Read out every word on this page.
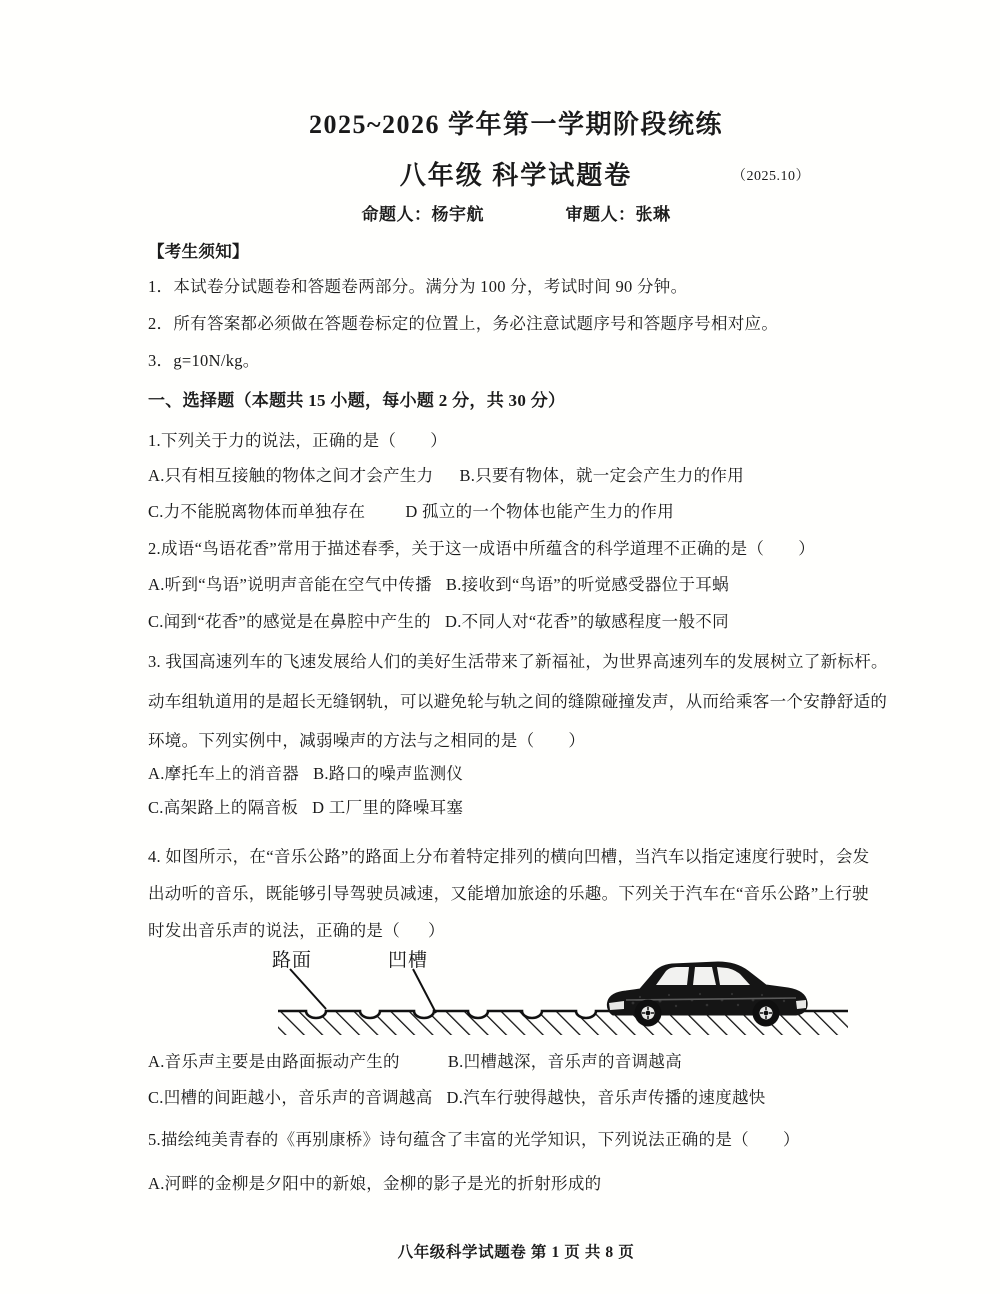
2025~2026 学年第一学期阶段统练
八年级 科学试题卷	（2025.10）
命题人：杨宇航	审题人：张琳
【考生须知】
1．本试卷分试题卷和答题卷两部分。满分为 100 分，考试时间 90 分钟。
2．所有答案都必须做在答题卷标定的位置上，务必注意试题序号和答题序号相对应。
3．g=10N/kg。
一、选择题（本题共 15 小题，每小题 2 分，共 30 分）
1.下列关于力的说法，正确的是（ ）
A.只有相互接触的物体之间才会产生力 B.只要有物体，就一定会产生力的作用
C.力不能脱离物体而单独存在 D 孤立的一个物体也能产生力的作用
2.成语“鸟语花香”常用于描述春季，关于这一成语中所蕴含的科学道理不正确的是（ ）
A.听到“鸟语”说明声音能在空气中传播 B.接收到“鸟语”的听觉感受器位于耳蜗
C.闻到“花香”的感觉是在鼻腔中产生的 D.不同人对“花香”的敏感程度一般不同
3. 我国高速列车的飞速发展给人们的美好生活带来了新福祉，为世界高速列车的发展树立了新标杆。
动车组轨道用的是超长无缝钢轨，可以避免轮与轨之间的缝隙碰撞发声，从而给乘客一个安静舒适的
环境。下列实例中，减弱噪声的方法与之相同的是（ ）
A.摩托车上的消音器 B.路口的噪声监测仪
C.高架路上的隔音板 D 工厂里的降噪耳塞
4. 如图所示，在“音乐公路”的路面上分布着特定排列的横向凹槽，当汽车以指定速度行驶时，会发
出动听的音乐，既能够引导驾驶员减速，又能增加旅途的乐趣。下列关于汽车在“音乐公路”上行驶
时发出音乐声的说法，正确的是（ ）
路面	凹槽
A.音乐声主要是由路面振动产生的	B.凹槽越深，音乐声的音调越高
C.凹槽的间距越小，音乐声的音调越高 D.汽车行驶得越快，音乐声传播的速度越快
5.描绘纯美青春的《再别康桥》诗句蕴含了丰富的光学知识，下列说法正确的是（ ）
A.河畔的金柳是夕阳中的新娘，金柳的影子是光的折射形成的
八年级科学试题卷 第 1 页 共 8 页
